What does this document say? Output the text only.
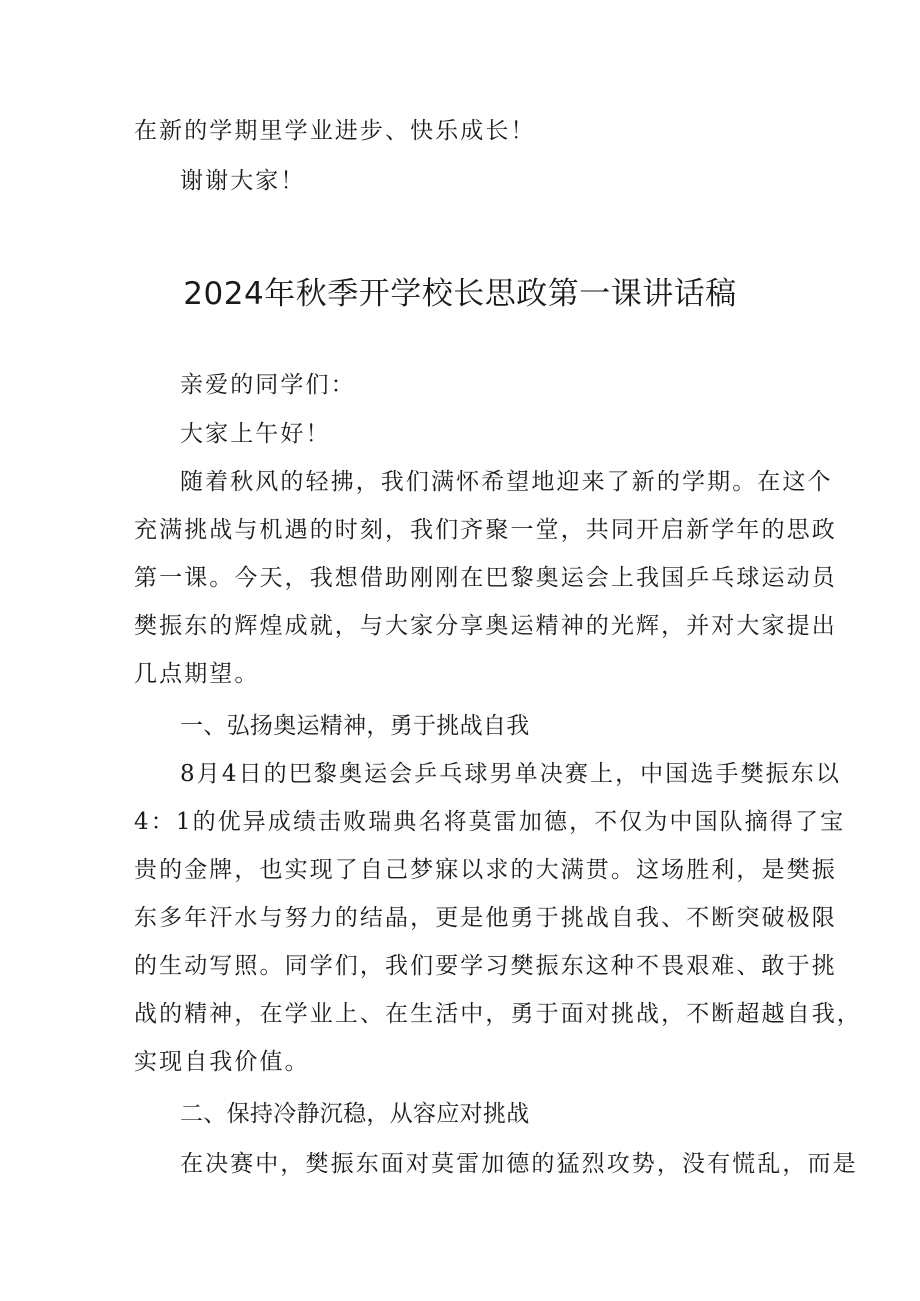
在新的学期里学业进步、快乐成长！
谢谢大家！
2024年秋季开学校长思政第一课讲话稿
亲爱的同学们：
大家上午好！
随着秋风的轻拂，我们满怀希望地迎来了新的学期。在这个
充满挑战与机遇的时刻，我们齐聚一堂，共同开启新学年的思政
第一课。今天，我想借助刚刚在巴黎奥运会上我国乒乓球运动员
樊振东的辉煌成就，与大家分享奥运精神的光辉，并对大家提出
几点期望。
一、弘扬奥运精神，勇于挑战自我
8月4日的巴黎奥运会乒乓球男单决赛上，中国选手樊振东以
4：1的优异成绩击败瑞典名将莫雷加德，不仅为中国队摘得了宝
贵的金牌，也实现了自己梦寐以求的大满贯。这场胜利，是樊振
东多年汗水与努力的结晶，更是他勇于挑战自我、不断突破极限
的生动写照。同学们，我们要学习樊振东这种不畏艰难、敢于挑
战的精神，在学业上、在生活中，勇于面对挑战，不断超越自我，
实现自我价值。
二、保持冷静沉稳，从容应对挑战
在决赛中，樊振东面对莫雷加德的猛烈攻势，没有慌乱，而是
